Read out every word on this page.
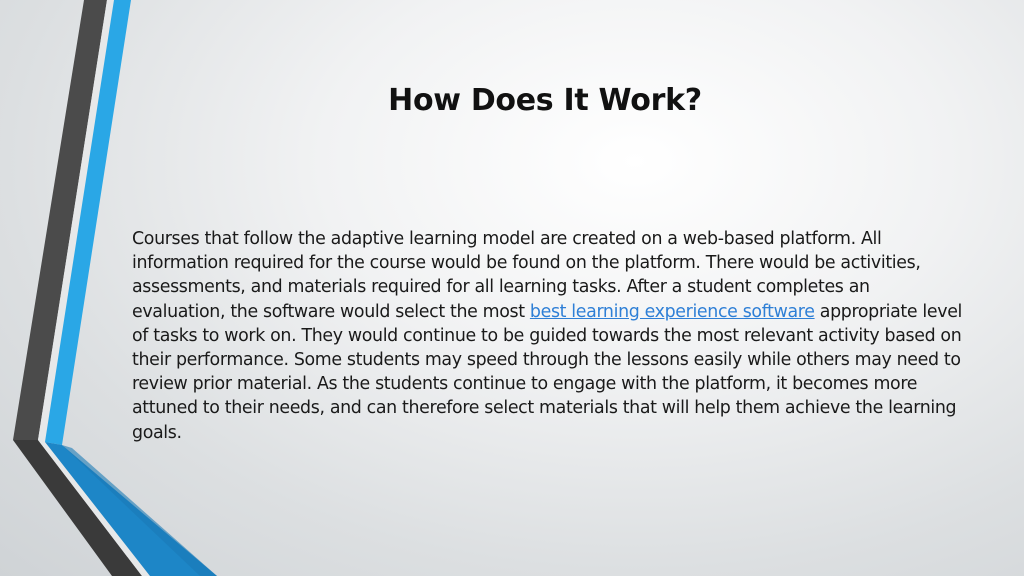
How Does It Work?

Courses that follow the adaptive learning model are created on a web-based platform. All information required for the course would be found on the platform. There would be activities, assessments, and materials required for all learning tasks. After a student completes an evaluation, the software would select the most best learning experience software appropriate level of tasks to work on. They would continue to be guided towards the most relevant activity based on their performance. Some students may speed through the lessons easily while others may need to review prior material. As the students continue to engage with the platform, it becomes more attuned to their needs, and can therefore select materials that will help them achieve the learning goals.
